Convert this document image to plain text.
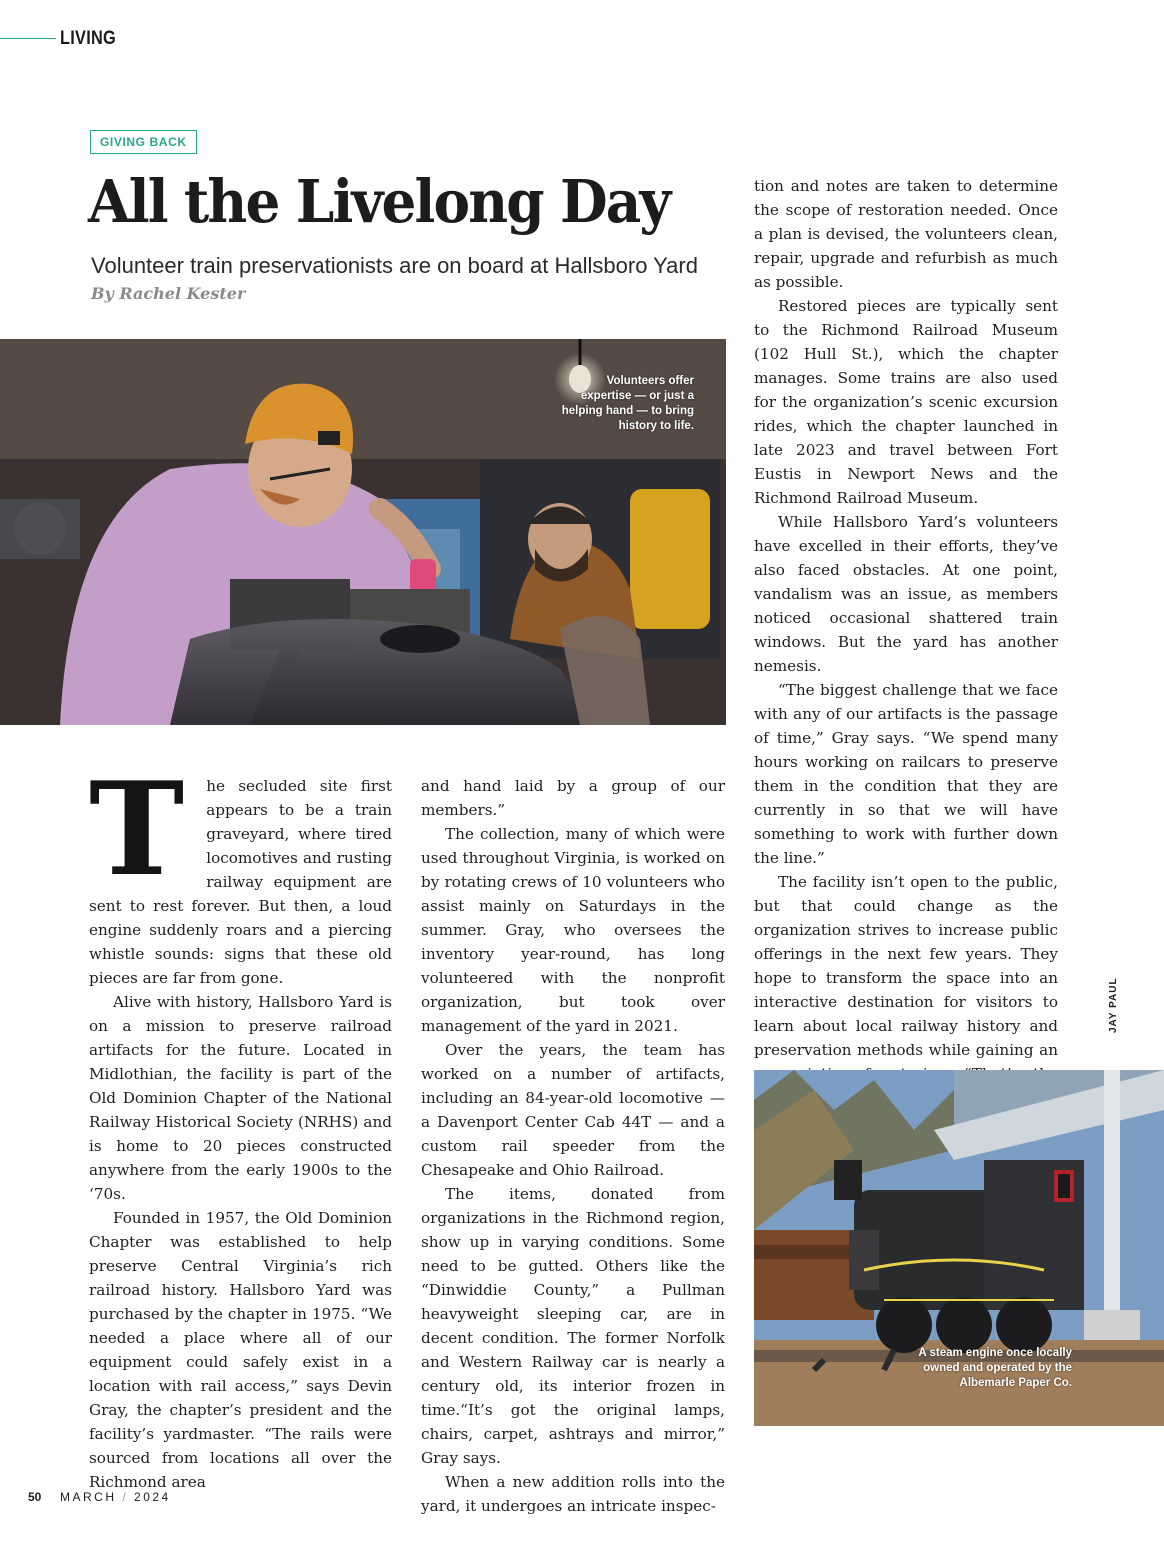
LIVING
GIVING BACK
All the Livelong Day
Volunteer train preservationists are on board at Hallsboro Yard
By Rachel Kester
Volunteers offer expertise — or just a helping hand — to bring history to life.
T	he secluded site first appears to be a train graveyard, where tired locomotives and rusting railway equipment are sent to rest forever. But then, a loud engine suddenly roars and a piercing whistle sounds: signs that these old pieces are far from gone.

Alive with history, Hallsboro Yard is on a mission to preserve railroad artifacts for the future. Located in Midlothian, the facility is part of the Old Dominion Chapter of the National Railway Historical Society (NRHS) and is home to 20 pieces constructed anywhere from the early 1900s to the ‘70s.

Founded in 1957, the Old Dominion Chapter was established to help preserve Central Virginia’s rich railroad history. Hallsboro Yard was purchased by the chapter in 1975. “We needed a place where all of our equipment could safely exist in a location with rail access,” says Devin Gray, the chapter’s president and the facility’s yardmaster. “The rails were sourced from locations all over the Richmond area

and hand laid by a group of our members.”

The collection, many of which were used throughout Virginia, is worked on by rotating crews of 10 volunteers who assist mainly on Saturdays in the summer. Gray, who oversees the inventory year-round, has long volunteered with the nonprofit organization, but took over management of the yard in 2021.

Over the years, the team has worked on a number of artifacts, including an 84-year-old locomotive — a Davenport Center Cab 44T — and a custom rail speeder from the Chesapeake and Ohio Railroad.

The items, donated from organizations in the Richmond region, show up in varying conditions. Some need to be gutted. Others like the “Dinwiddie County,” a Pullman heavyweight sleeping car, are in decent condition. The former Norfolk and Western Railway car is nearly a century old, its interior frozen in time.“It’s got the original lamps, chairs, carpet, ashtrays and mirror,” Gray says.

When a new addition rolls into the yard, it undergoes an intricate inspec-

tion and notes are taken to determine the scope of restoration needed. Once a plan is devised, the volunteers clean, repair, upgrade and refurbish as much as possible.

Restored pieces are typically sent to the Richmond Railroad Museum (102 Hull St.), which the chapter manages. Some trains are also used for the organization’s scenic excursion rides, which the chapter launched in late 2023 and travel between Fort Eustis in Newport News and the Richmond Railroad Museum.

While Hallsboro Yard’s volunteers have excelled in their efforts, they’ve also faced obstacles. At one point, vandalism was an issue, as members noticed occasional shattered train windows. But the yard has another nemesis.

“The biggest challenge that we face with any of our artifacts is the passage of time,” Gray says. “We spend many hours working on railcars to preserve them in the condition that they are currently in so that we will have something to work with further down the line.”

The facility isn’t open to the public, but that could change as the organization strives to increase public offerings in the next few years. They hope to transform the space into an interactive destination for visitors to learn about local railway history and preservation methods while gaining an

JAY PAUL
A steam engine once locally owned and operated by the Albemarle Paper Co.
50 MARCH / 2024
